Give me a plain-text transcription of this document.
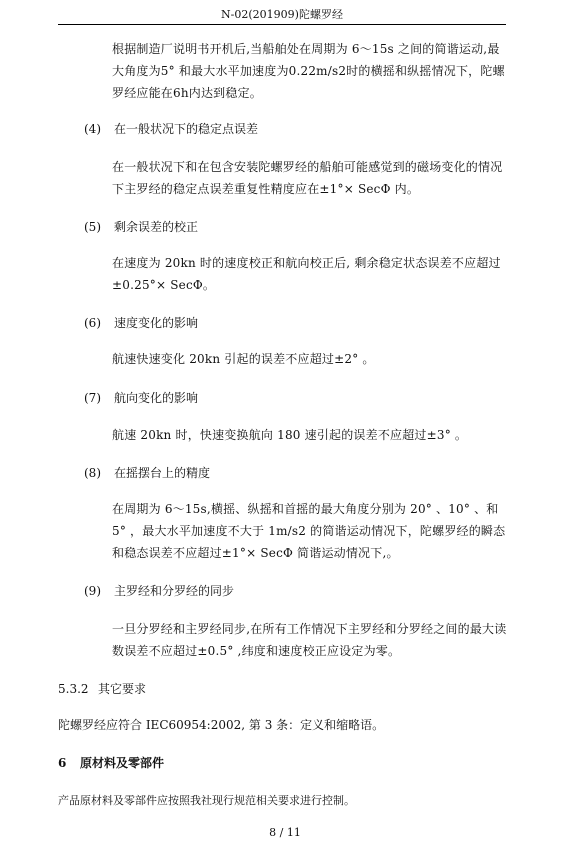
N-02(201909)陀螺罗经
根据制造厂说明书开机后,当船舶处在周期为 6～15s 之间的简谐运动,最大角度为5° 和最大水平加速度为0.22m/s2时的横摇和纵摇情况下，陀螺罗经应能在6h内达到稳定。
(4) 在一般状况下的稳定点误差
在一般状况下和在包含安装陀螺罗经的船舶可能感觉到的磁场变化的情况下主罗经的稳定点误差重复性精度应在±1°× SecΦ 内。
(5) 剩余误差的校正
在速度为 20kn 时的速度校正和航向校正后, 剩余稳定状态误差不应超过±0.25°× SecΦ。
(6) 速度变化的影响
航速快速变化 20kn 引起的误差不应超过±2° 。
(7) 航向变化的影响
航速 20kn 时，快速变换航向 180 速引起的误差不应超过±3° 。
(8) 在摇摆台上的精度
在周期为 6～15s,横摇、纵摇和首摇的最大角度分别为 20° 、10° 、和 5° ，最大水平加速度不大于 1m/s2 的简谐运动情况下，陀螺罗经的瞬态和稳态误差不应超过±1°× SecΦ 简谐运动情况下,。
(9) 主罗经和分罗经的同步
一旦分罗经和主罗经同步,在所有工作情况下主罗经和分罗经之间的最大读数误差不应超过±0.5° ,纬度和速度校正应设定为零。
5.3.2 其它要求
陀螺罗经应符合 IEC60954:2002, 第 3 条：定义和缩略语。
6 原材料及零部件
产品原材料及零部件应按照我社现行规范相关要求进行控制。
8 / 11
